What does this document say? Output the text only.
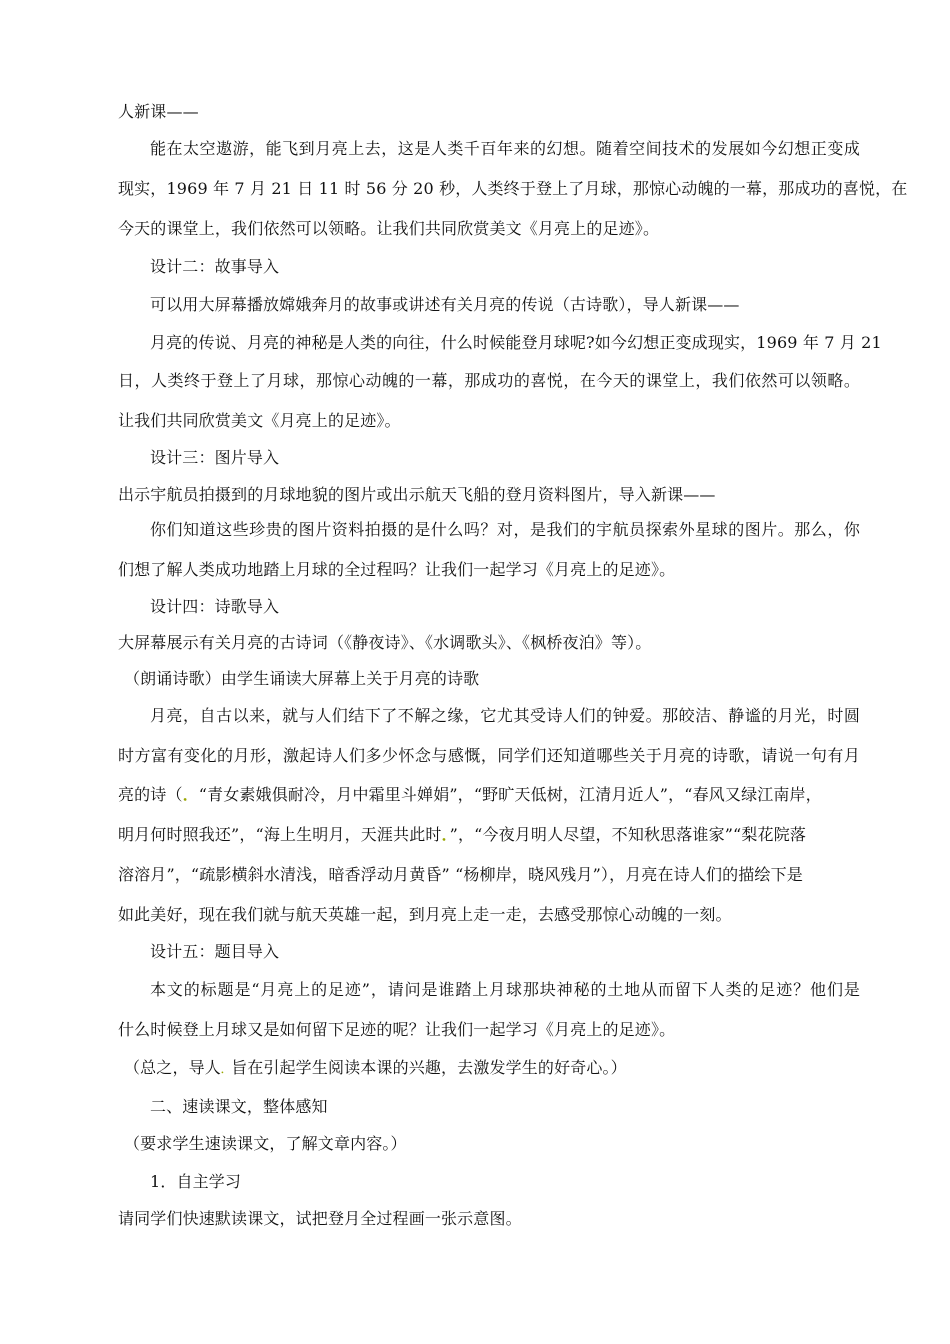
人新课——
能在太空遨游，能飞到月亮上去，这是人类千百年来的幻想。随着空间技术的发展如今幻想正变成
现实，1969 年 7 月 21 日 11 时 56 分 20 秒，人类终于登上了月球，那惊心动魄的一幕，那成功的喜悦，在
今天的课堂上，我们依然可以领略。让我们共同欣赏美文《月亮上的足迹》。
设计二：故事导入
可以用大屏幕播放嫦娥奔月的故事或讲述有关月亮的传说（古诗歌），导人新课——
月亮的传说、月亮的神秘是人类的向往，什么时候能登月球呢?如今幻想正变成现实，1969 年 7 月 21
日，人类终于登上了月球，那惊心动魄的一幕，那成功的喜悦，在今天的课堂上，我们依然可以领略。
让我们共同欣赏美文《月亮上的足迹》。
设计三：图片导入
出示宇航员拍摄到的月球地貌的图片或出示航天飞船的登月资料图片，导入新课——
你们知道这些珍贵的图片资料拍摄的是什么吗？对，是我们的宇航员探索外星球的图片。那么，你
们想了解人类成功地踏上月球的全过程吗？让我们一起学习《月亮上的足迹》。
设计四：诗歌导入
大屏幕展示有关月亮的古诗词（《静夜诗》、《水调歌头》、《枫桥夜泊》等）。
（朗诵诗歌）由学生诵读大屏幕上关于月亮的诗歌
月亮，自古以来，就与人们结下了不解之缘，它尤其受诗人们的钟爱。那皎洁、静谧的月光，时圆
时方富有变化的月形，激起诗人们多少怀念与感慨，同学们还知道哪些关于月亮的诗歌，请说一句有月
亮的诗（．“青女素娥俱耐冷，月中霜里斗婵娟”，“野旷天低树，江清月近人”，“春风又绿江南岸，
明月何时照我还”，“海上生明月，天涯共此时．”，“今夜月明人尽望，不知秋思落谁家”“梨花院落
溶溶月”，“疏影横斜水清浅，暗香浮动月黄昏” “杨柳岸，晓风残月”），月亮在诗人们的描绘下是
如此美好，现在我们就与航天英雄一起，到月亮上走一走，去感受那惊心动魄的一刻。
设计五：题目导入
本文的标题是“月亮上的足迹”，请问是谁踏上月球那块神秘的土地从而留下人类的足迹？他们是
什么时候登上月球又是如何留下足迹的呢？让我们一起学习《月亮上的足迹》。
（总之，导人．旨在引起学生阅读本课的兴趣，去激发学生的好奇心。）
二、速读课文，整体感知
（要求学生速读课文，了解文章内容。）
1．自主学习
请同学们快速默读课文，试把登月全过程画一张示意图。
